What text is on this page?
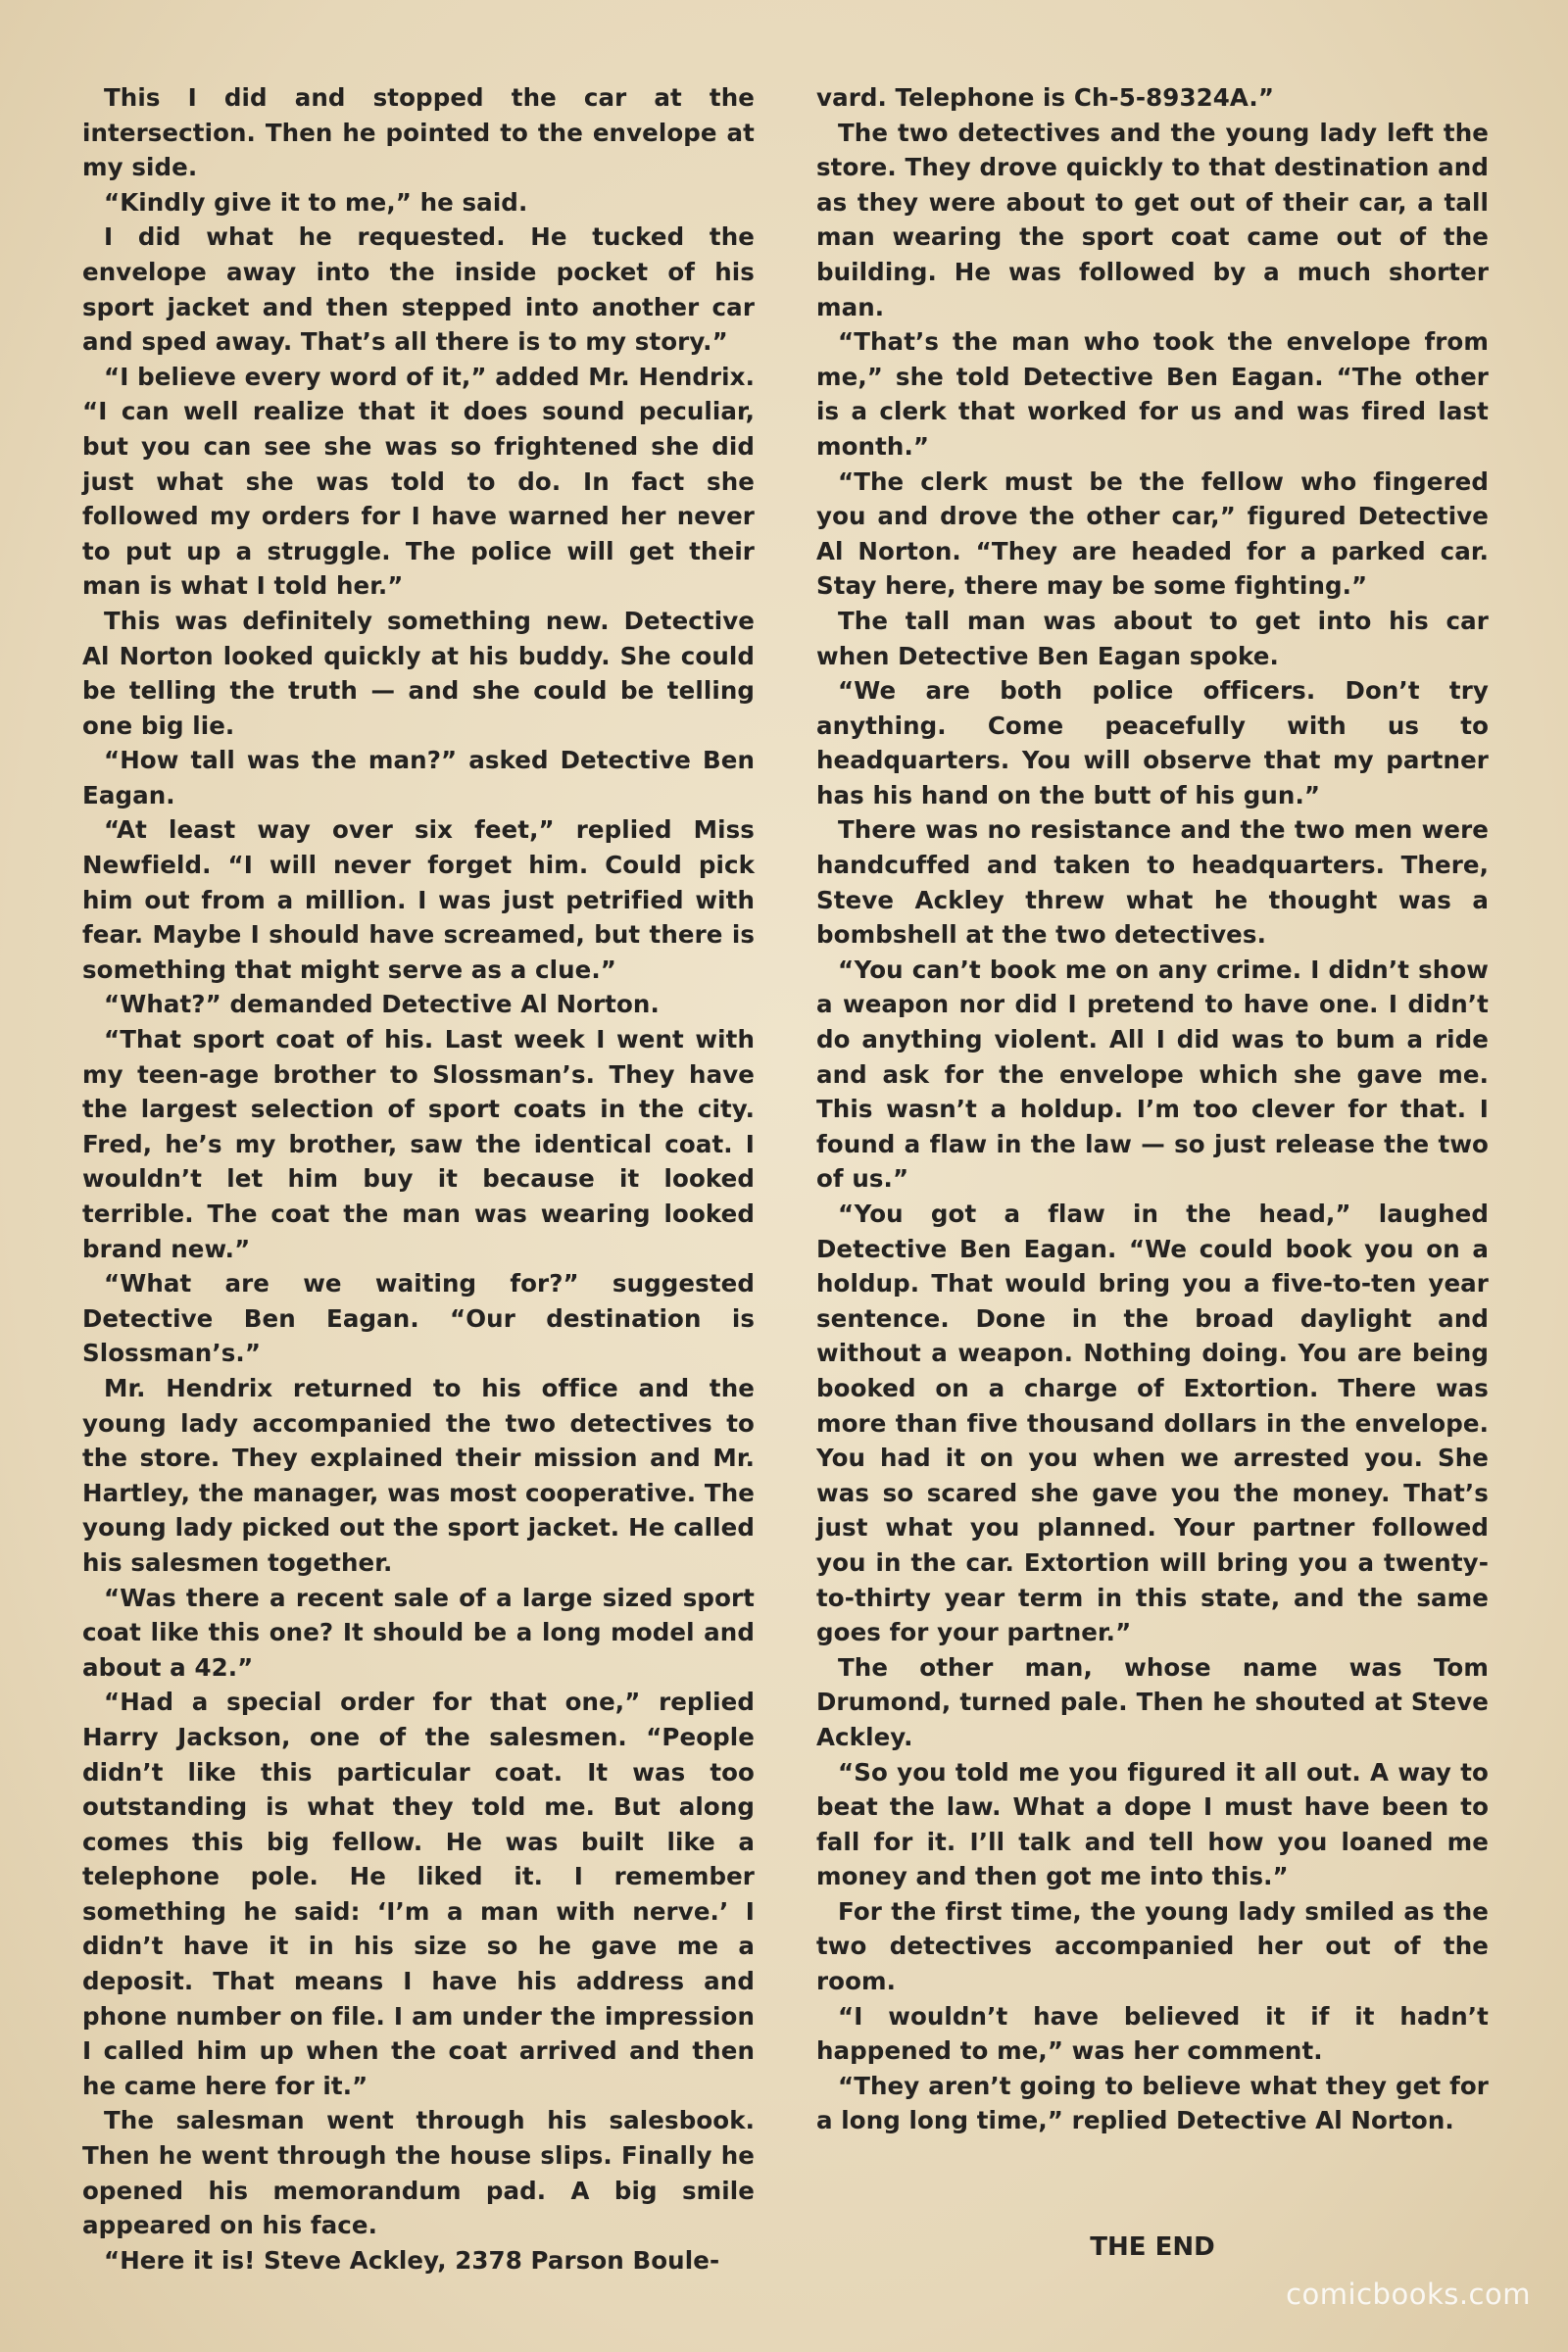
This I did and stopped the car at the intersection. Then he pointed to the envelope at my side.

“Kindly give it to me,” he said.

I did what he requested. He tucked the envelope away into the inside pocket of his sport jacket and then stepped into another car and sped away. That’s all there is to my story.”

“I believe every word of it,” added Mr. Hendrix. “I can well realize that it does sound peculiar, but you can see she was so frightened she did just what she was told to do. In fact she followed my orders for I have warned her never to put up a struggle. The police will get their man is what I told her.”

This was definitely something new. Detective Al Norton looked quickly at his buddy. She could be telling the truth — and she could be telling one big lie.

“How tall was the man?” asked Detective Ben Eagan.

“At least way over six feet,” replied Miss Newfield. “I will never forget him. Could pick him out from a million. I was just petrified with fear. Maybe I should have screamed, but there is something that might serve as a clue.”

“What?” demanded Detective Al Norton.

“That sport coat of his. Last week I went with my teen-age brother to Slossman’s. They have the largest selection of sport coats in the city. Fred, he’s my brother, saw the identical coat. I wouldn’t let him buy it because it looked terrible. The coat the man was wearing looked brand new.”

“What are we waiting for?” suggested Detective Ben Eagan. “Our destination is Slossman’s.”

Mr. Hendrix returned to his office and the young lady accompanied the two detectives to the store. They explained their mission and Mr. Hartley, the manager, was most cooperative. The young lady picked out the sport jacket. He called his salesmen together.

“Was there a recent sale of a large sized sport coat like this one? It should be a long model and about a 42.”

“Had a special order for that one,” replied Harry Jackson, one of the salesmen. “People didn’t like this particular coat. It was too outstanding is what they told me. But along comes this big fellow. He was built like a telephone pole. He liked it. I remember something he said: ‘I’m a man with nerve.’ I didn’t have it in his size so he gave me a deposit. That means I have his address and phone number on file. I am under the impression I called him up when the coat arrived and then he came here for it.”

The salesman went through his salesbook. Then he went through the house slips. Finally he opened his memorandum pad. A big smile appeared on his face.

“Here it is! Steve Ackley, 2378 Parson Boule-

vard. Telephone is Ch-5-89324A.”

The two detectives and the young lady left the store. They drove quickly to that destination and as they were about to get out of their car, a tall man wearing the sport coat came out of the building. He was followed by a much shorter man.

“That’s the man who took the envelope from me,” she told Detective Ben Eagan. “The other is a clerk that worked for us and was fired last month.”

“The clerk must be the fellow who fingered you and drove the other car,” figured Detective Al Norton. “They are headed for a parked car. Stay here, there may be some fighting.”

The tall man was about to get into his car when Detective Ben Eagan spoke.

“We are both police officers. Don’t try anything. Come peacefully with us to headquarters. You will observe that my partner has his hand on the butt of his gun.”

There was no resistance and the two men were handcuffed and taken to headquarters. There, Steve Ackley threw what he thought was a bombshell at the two detectives.

“You can’t book me on any crime. I didn’t show a weapon nor did I pretend to have one. I didn’t do anything violent. All I did was to bum a ride and ask for the envelope which she gave me. This wasn’t a holdup. I’m too clever for that. I found a flaw in the law — so just release the two of us.”

“You got a flaw in the head,” laughed Detective Ben Eagan. “We could book you on a holdup. That would bring you a five-to-ten year sentence. Done in the broad daylight and without a weapon. Nothing doing. You are being booked on a charge of Extortion. There was more than five thousand dollars in the envelope. You had it on you when we arrested you. She was so scared she gave you the money. That’s just what you planned. Your partner followed you in the car. Extortion will bring you a twenty-to-thirty year term in this state, and the same goes for your partner.”

The other man, whose name was Tom Drumond, turned pale. Then he shouted at Steve Ackley.

“So you told me you figured it all out. A way to beat the law. What a dope I must have been to fall for it. I’ll talk and tell how you loaned me money and then got me into this.”

For the first time, the young lady smiled as the two detectives accompanied her out of the room.

“I wouldn’t have believed it if it hadn’t happened to me,” was her comment.

“They aren’t going to believe what they get for a long long time,” replied Detective Al Norton.

THE END
comicbooks.com
